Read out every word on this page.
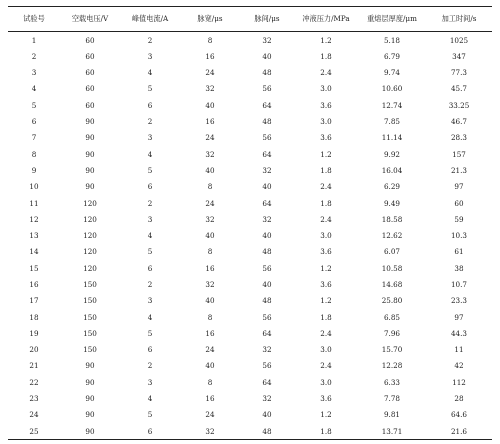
试验号	空载电压/V	峰值电流/A	脉宽/μs	脉间/μs	冲液压力/MPa	重熔层厚度/μm	加工时间/s
1	60	2	8	32	1.2	5.18	1025
2	60	3	16	40	1.8	6.79	347
3	60	4	24	48	2.4	9.74	77.3
4	60	5	32	56	3.0	10.60	45.7
5	60	6	40	64	3.6	12.74	33.25
6	90	2	16	48	3.0	7.85	46.7
7	90	3	24	56	3.6	11.14	28.3
8	90	4	32	64	1.2	9.92	157
9	90	5	40	32	1.8	16.04	21.3
10	90	6	8	40	2.4	6.29	97
11	120	2	24	64	1.8	9.49	60
12	120	3	32	32	2.4	18.58	59
13	120	4	40	40	3.0	12.62	10.3
14	120	5	8	48	3.6	6.07	61
15	120	6	16	56	1.2	10.58	38
16	150	2	32	40	3.6	14.68	10.7
17	150	3	40	48	1.2	25.80	23.3
18	150	4	8	56	1.8	6.85	97
19	150	5	16	64	2.4	7.96	44.3
20	150	6	24	32	3.0	15.70	11
21	90	2	40	56	2.4	12.28	42
22	90	3	8	64	3.0	6.33	112
23	90	4	16	32	3.6	7.78	28
24	90	5	24	40	1.2	9.81	64.6
25	90	6	32	48	1.8	13.71	21.6
